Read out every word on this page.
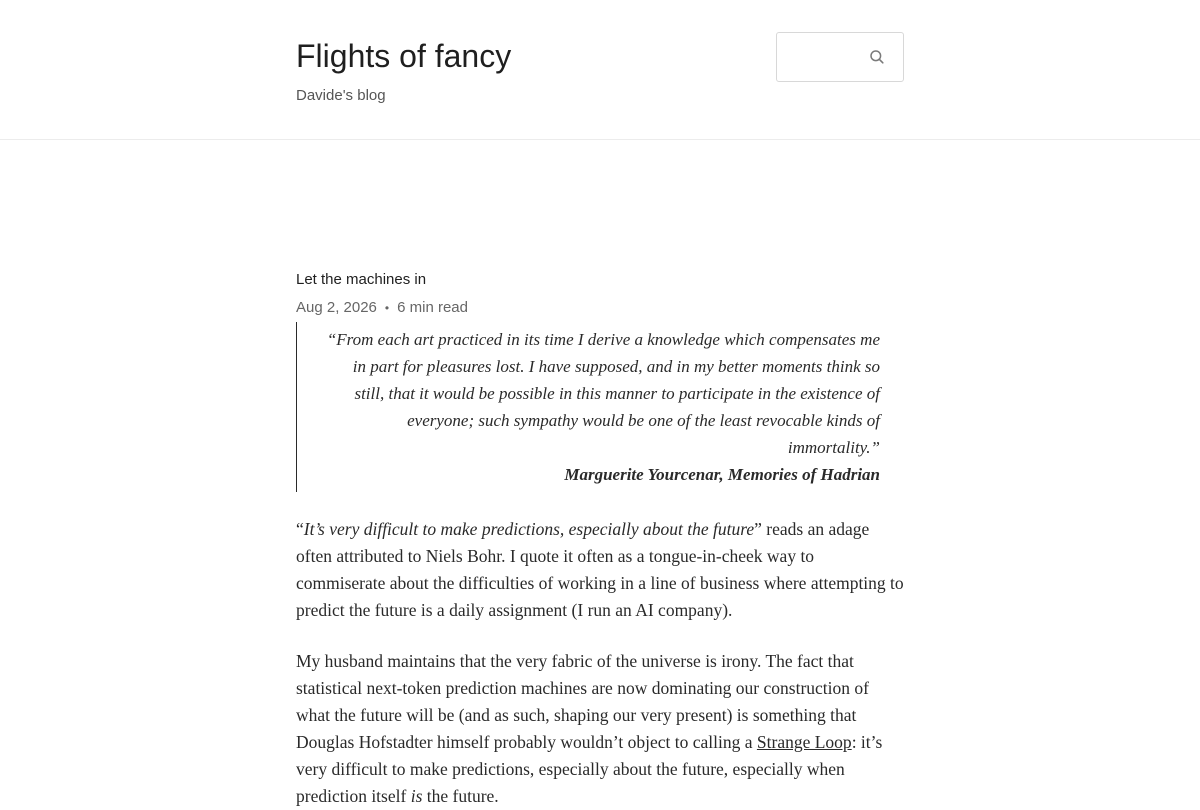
Flights of fancy

Davide's blog

Let the machines in
Aug 2, 2026 • 6 min read
“From each art practiced in its time I derive a knowledge which compensates me in part for pleasures lost. I have supposed, and in my better moments think so still, that it would be possible in this manner to participate in the existence of everyone; such sympathy would be one of the least revocable kinds of immortality.”
Marguerite Yourcenar, Memories of Hadrian

“It’s very difficult to make predictions, especially about the future” reads an adage often attributed to Niels Bohr. I quote it often as a tongue-in-cheek way to commiserate about the difficulties of working in a line of business where attempting to predict the future is a daily assignment (I run an AI company).

My husband maintains that the very fabric of the universe is irony. The fact that statistical next-token prediction machines are now dominating our construction of what the future will be (and as such, shaping our very present) is something that Douglas Hofstadter himself probably wouldn’t object to calling a Strange Loop: it’s very difficult to make predictions, especially about the future, especially when prediction itself is the future.
